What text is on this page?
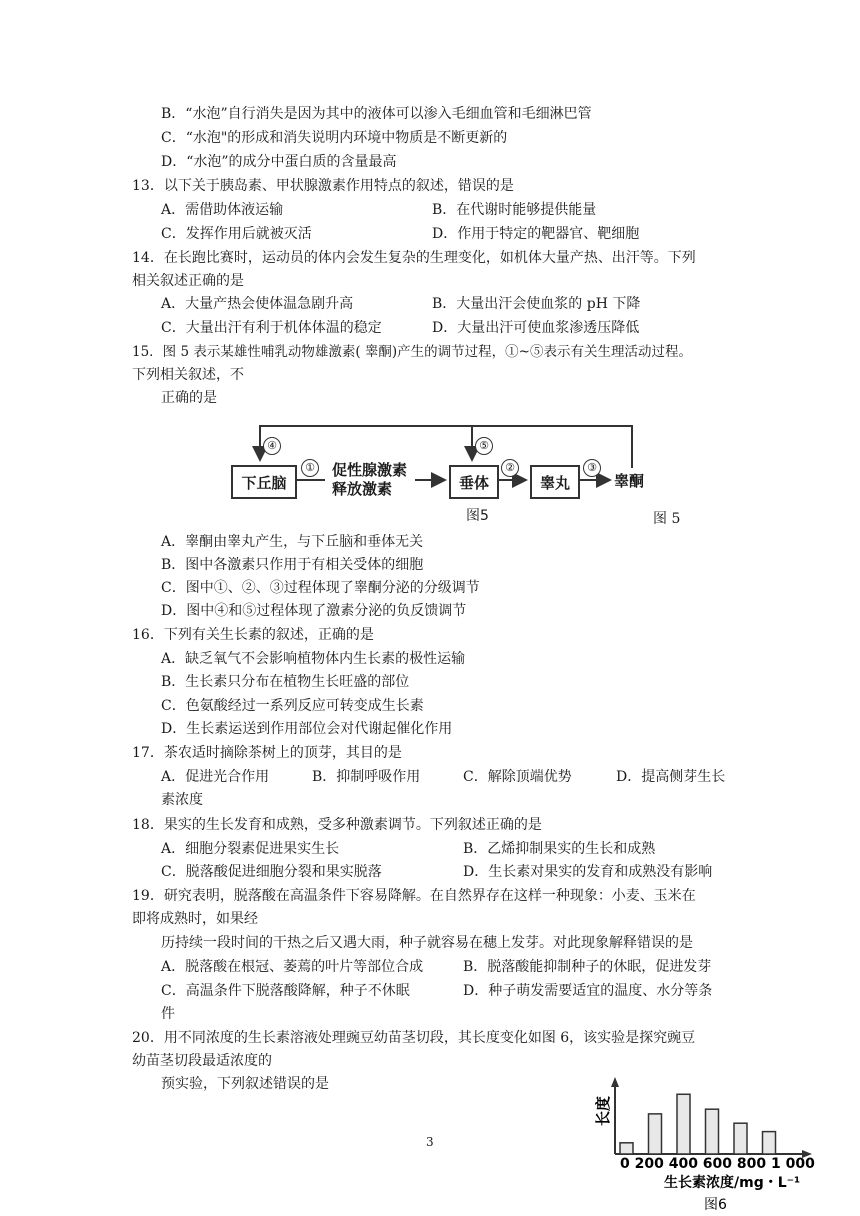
B．“水泡”自行消失是因为其中的液体可以渗入毛细血管和毛细淋巴管
C．“水泡"的形成和消失说明内环境中物质是不断更新的
D．“水泡”的成分中蛋白质的含量最高
13．以下关于胰岛素、甲状腺激素作用特点的叙述，错误的是
A．需借助体液运输	B．在代谢时能够提供能量
C．发挥作用后就被灭活	D．作用于特定的靶器官、靶细胞
14．在长跑比赛时，运动员的体内会发生复杂的生理变化，如机体大量产热、出汗等。下列
相关叙述正确的是
A．大量产热会使体温急剧升高	B．大量出汗会使血浆的 pH 下降
C．大量出汗有利于机体体温的稳定	D．大量出汗可使血浆渗透压降低
15．图 5 表示某雄性哺乳动物雄激素( 睾酮)产生的调节过程，①~⑤表示有关生理活动过程。
下列相关叙述，不
正确的是
④	⑤
下丘脑
① 促性腺激素
释放激素	垂体
②
睾丸
③
睾酮
图5	图 5
A．睾酮由睾丸产生，与下丘脑和垂体无关
B．图中各激素只作用于有相关受体的细胞
C．图中①、②、③过程体现了睾酮分泌的分级调节
D．图中④和⑤过程体现了激素分泌的负反馈调节
16．下列有关生长素的叙述，正确的是
A．缺乏氧气不会影响植物体内生长素的极性运输
B．生长素只分布在植物生长旺盛的部位
C．色氨酸经过一系列反应可转变成生长素
D．生长素运送到作用部位会对代谢起催化作用
17．茶农适时摘除茶树上的顶芽，其目的是
A．促进光合作用	B．抑制呼吸作用	C．解除顶端优势	D．提高侧芽生长
素浓度
18．果实的生长发育和成熟，受多种激素调节。下列叙述正确的是
A．细胞分裂素促进果实生长	B．乙烯抑制果实的生长和成熟
C．脱落酸促进细胞分裂和果实脱落	D．生长素对果实的发育和成熟没有影响
19．研究表明，脱落酸在高温条件下容易降解。在自然界存在这样一种现象：小麦、玉米在
即将成熟时，如果经
历持续一段时间的干热之后又遇大雨，种子就容易在穗上发芽。对此现象解释错误的是
A．脱落酸在根冠、萎蔫的叶片等部位合成	B．脱落酸能抑制种子的休眠，促进发芽
C．高温条件下脱落酸降解，种子不休眠	D．种子萌发需要适宜的温度、水分等条
件
20．用不同浓度的生长素溶液处理豌豆幼苗茎切段，其长度变化如图 6，该实验是探究豌豆
幼苗茎切段最适浓度的
预实验，下列叙述错误的是
3
长度
0 200 400 600 800 1 000
生长素浓度/mg・L⁻¹
图6
